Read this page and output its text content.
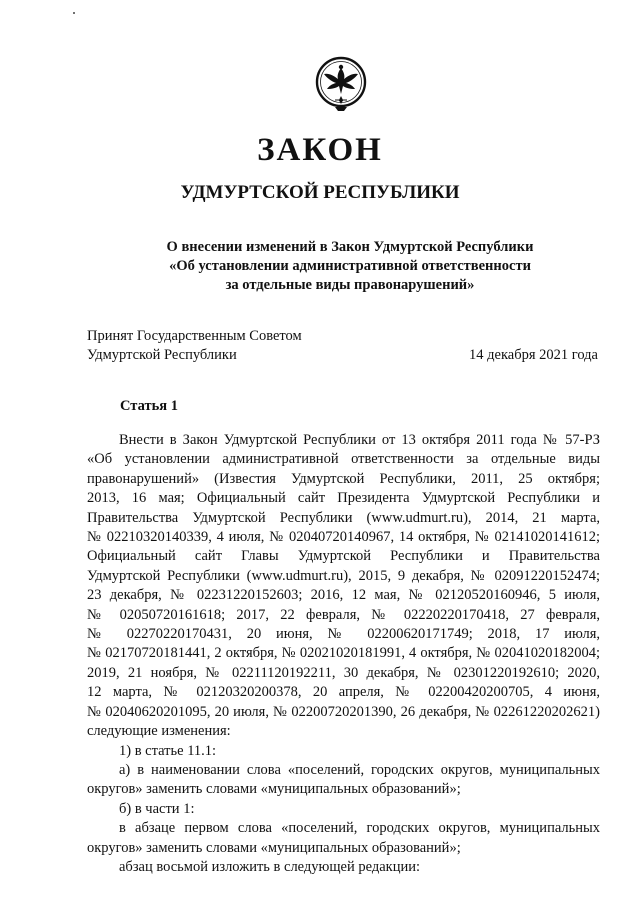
ЗАКОН
УДМУРТСКОЙ РЕСПУБЛИКИ
О внесении изменений в Закон Удмуртской Республики
«Об установлении административной ответственности
за отдельные виды правонарушений»
Принят Государственным Советом
Удмуртской Республики	14 декабря 2021 года
Статья 1
Внести в Закон Удмуртской Республики от 13 октября 2011 года № 57-РЗ
«Об установлении административной ответственности за отдельные виды
правонарушений» (Известия Удмуртской Республики, 2011, 25 октября;
2013, 16 мая; Официальный сайт Президента Удмуртской Республики и
Правительства Удмуртской Республики (www.udmurt.ru), 2014, 21 марта,
№ 02210320140339, 4 июля, № 02040720140967, 14 октября, № 02141020141612;
Официальный сайт Главы Удмуртской Республики и Правительства
Удмуртской Республики (www.udmurt.ru), 2015, 9 декабря, № 02091220152474;
23 декабря, № 02231220152603; 2016, 12 мая, № 02120520160946, 5 июля,
№ 02050720161618; 2017, 22 февраля, № 02220220170418, 27 февраля,
№ 02270220170431, 20 июня, № 02200620171749; 2018, 17 июля,
№ 02170720181441, 2 октября, № 02021020181991, 4 октября, № 02041020182004;
2019, 21 ноября, № 02211120192211, 30 декабря, № 02301220192610; 2020,
12 марта, № 02120320200378, 20 апреля, № 02200420200705, 4 июня,
№ 02040620201095, 20 июля, № 02200720201390, 26 декабря, № 02261220202621)
следующие изменения:
1) в статье 11.1:
а) в наименовании слова «поселений, городских округов, муниципальных
округов» заменить словами «муниципальных образований»;
б) в части 1:
в абзаце первом слова «поселений, городских округов, муниципальных
округов» заменить словами «муниципальных образований»;
абзац восьмой изложить в следующей редакции:
